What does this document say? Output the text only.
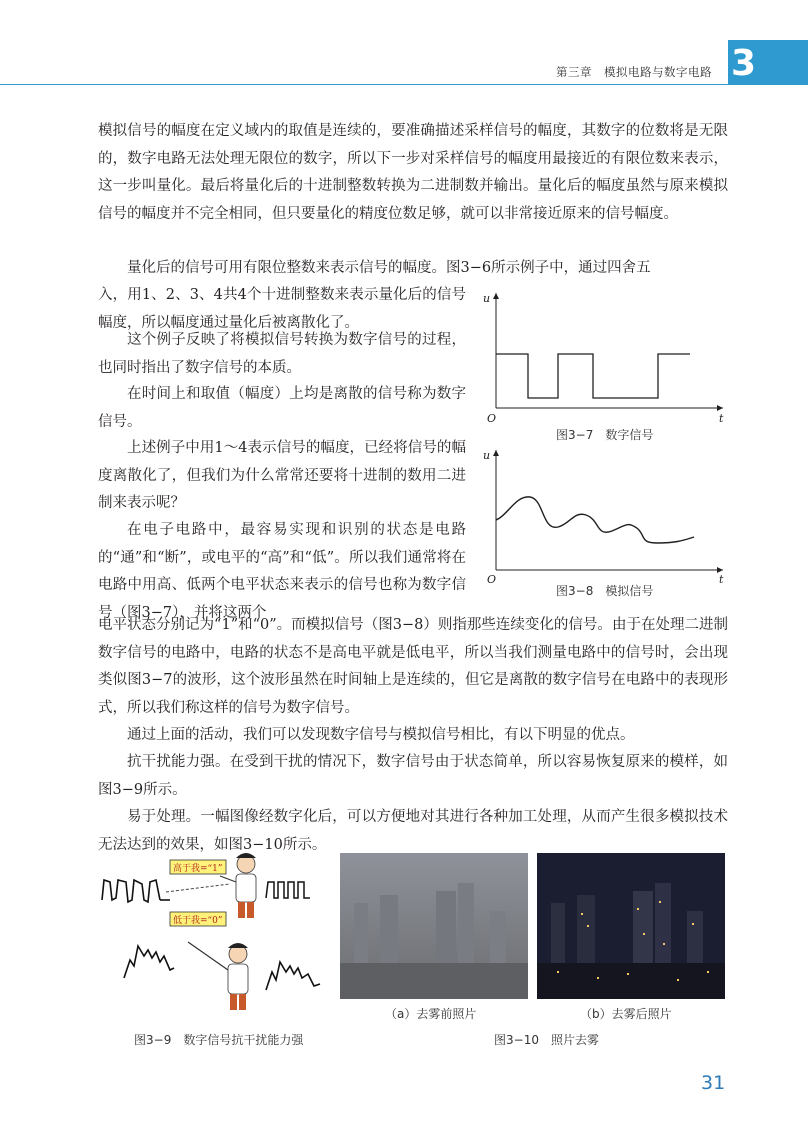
第三章　模拟电路与数字电路 3

模拟信号的幅度在定义域内的取值是连续的，要准确描述采样信号的幅度，其数字的位数将是无限的，数字电路无法处理无限位的数字，所以下一步对采样信号的幅度用最接近的有限位数来表示，这一步叫量化。最后将量化后的十进制整数转换为二进制数并输出。量化后的幅度虽然与原来模拟信号的幅度并不完全相同，但只要量化的精度位数足够，就可以非常接近原来的信号幅度。

量化后的信号可用有限位整数来表示信号的幅度。图3−6所示例子中，通过四舍五
入，用1、2、3、4共4个十进制整数来表示量化后的信号幅度，所以幅度通过量化后被离散化了。

这个例子反映了将模拟信号转换为数字信号的过程，也同时指出了数字信号的本质。

在时间上和取值（幅度）上均是离散的信号称为数字信号。

上述例子中用1～4表示信号的幅度，已经将信号的幅度离散化了，但我们为什么常常还要将十进制的数用二进制来表示呢？

在电子电路中，最容易实现和识别的状态是电路的“通”和“断”，或电平的“高”和“低”。所以我们通常将在电路中用高、低两个电平状态来表示的信号也称为数字信号（图3−7），并将这两个

电平状态分别记为“1”和“0”。而模拟信号（图3−8）则指那些连续变化的信号。由于在处理二进制数字信号的电路中，电路的状态不是高电平就是低电平，所以当我们测量电路中的信号时，会出现类似图3−7的波形，这个波形虽然在时间轴上是连续的，但它是离散的数字信号在电路中的表现形式，所以我们称这样的信号为数字信号。

通过上面的活动，我们可以发现数字信号与模拟信号相比，有以下明显的优点。

抗干扰能力强。在受到干扰的情况下，数字信号由于状态简单，所以容易恢复原来的模样，如图3−9所示。

易于处理。一幅图像经数字化后，可以方便地对其进行各种加工处理，从而产生很多模拟技术无法达到的效果，如图3−10所示。

u
t
O
图3−7　数字信号
u
t
O
图3−8　模拟信号
高于我=“1”
低于我=“0”
图3−9　数字信号抗干扰能力强
（a）去雾前照片	（b）去雾后照片
图3−10　照片去雾
31
